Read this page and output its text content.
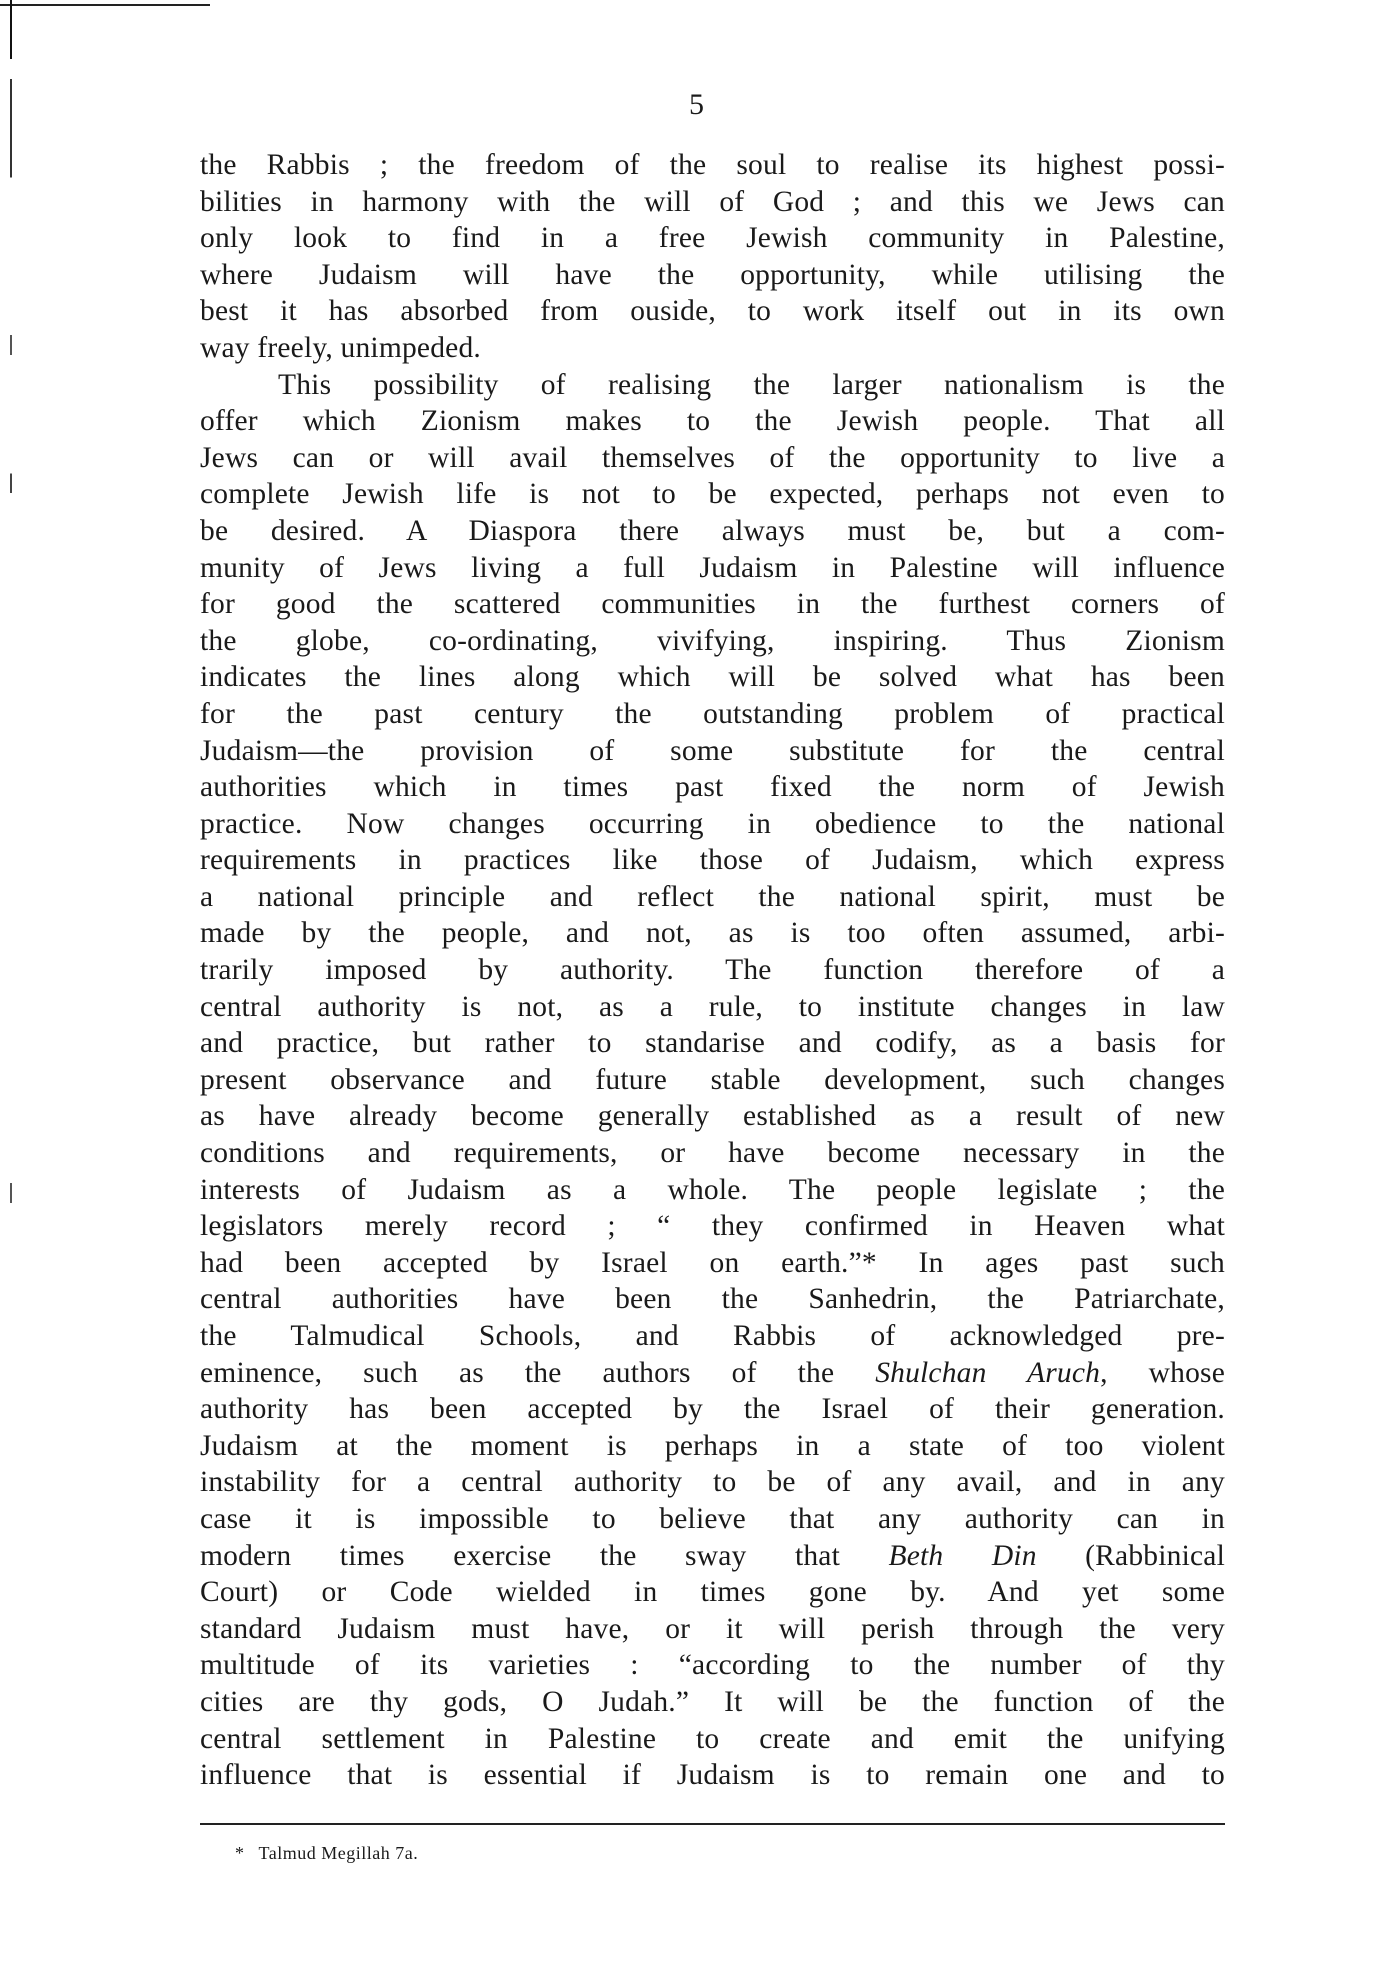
5
the Rabbis ; the freedom of the soul to realise its highest possi-
bilities in harmony with the will of God ; and this we Jews can
only look to find in a free Jewish community in Palestine,
where Judaism will have the opportunity, while utilising the
best it has absorbed from ouside, to work itself out in its own
way freely, unimpeded.
This possibility of realising the larger nationalism is the
offer which Zionism makes to the Jewish people. That all
Jews can or will avail themselves of the opportunity to live a
complete Jewish life is not to be expected, perhaps not even to
be desired. A Diaspora there always must be, but a com-
munity of Jews living a full Judaism in Palestine will influence
for good the scattered communities in the furthest corners of
the globe, co-ordinating, vivifying, inspiring. Thus Zionism
indicates the lines along which will be solved what has been
for the past century the outstanding problem of practical
Judaism—the provision of some substitute for the central
authorities which in times past fixed the norm of Jewish
practice. Now changes occurring in obedience to the national
requirements in practices like those of Judaism, which express
a national principle and reflect the national spirit, must be
made by the people, and not, as is too often assumed, arbi-
trarily imposed by authority. The function therefore of a
central authority is not, as a rule, to institute changes in law
and practice, but rather to standarise and codify, as a basis for
present observance and future stable development, such changes
as have already become generally established as a result of new
conditions and requirements, or have become necessary in the
interests of Judaism as a whole. The people legislate ; the
legislators merely record ; “ they confirmed in Heaven what
had been accepted by Israel on earth.”* In ages past such
central authorities have been the Sanhedrin, the Patriarchate,
the Talmudical Schools, and Rabbis of acknowledged pre-
eminence, such as the authors of the Shulchan Aruch, whose
authority has been accepted by the Israel of their generation.
Judaism at the moment is perhaps in a state of too violent
instability for a central authority to be of any avail, and in any
case it is impossible to believe that any authority can in
modern times exercise the sway that Beth Din (Rabbinical
Court) or Code wielded in times gone by. And yet some
standard Judaism must have, or it will perish through the very
multitude of its varieties : “according to the number of thy
cities are thy gods, O Judah.” It will be the function of the
central settlement in Palestine to create and emit the unifying
influence that is essential if Judaism is to remain one and to
* Talmud Megillah 7a.
